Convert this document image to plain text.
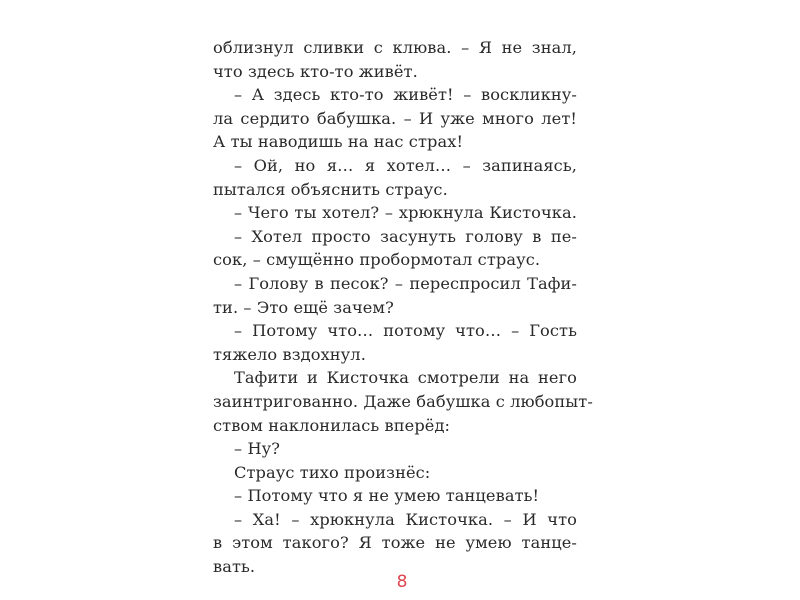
облизнул сливки с клюва. – Я не знал,
что здесь кто-то живёт.
– А здесь кто-то живёт! – воскликну-
ла сердито бабушка. – И уже много лет!
А ты наводишь на нас страх!
– Ой, но я… я хотел… – запинаясь,
пытался объяснить страус.
– Чего ты хотел? – хрюкнула Кисточка.
– Хотел просто засунуть голову в пе-
сок, – смущённо пробормотал страус.
– Голову в песок? – переспросил Тафи-
ти. – Это ещё зачем?
– Потому что… потому что… – Гость
тяжело вздохнул.
Тафити и Кисточка смотрели на него
заинтригованно. Даже бабушка с любопыт-
ством наклонилась вперёд:
– Ну?
Страус тихо произнёс:
– Потому что я не умею танцевать!
– Ха! – хрюкнула Кисточка. – И что
в этом такого? Я тоже не умею танце-
вать.
8
